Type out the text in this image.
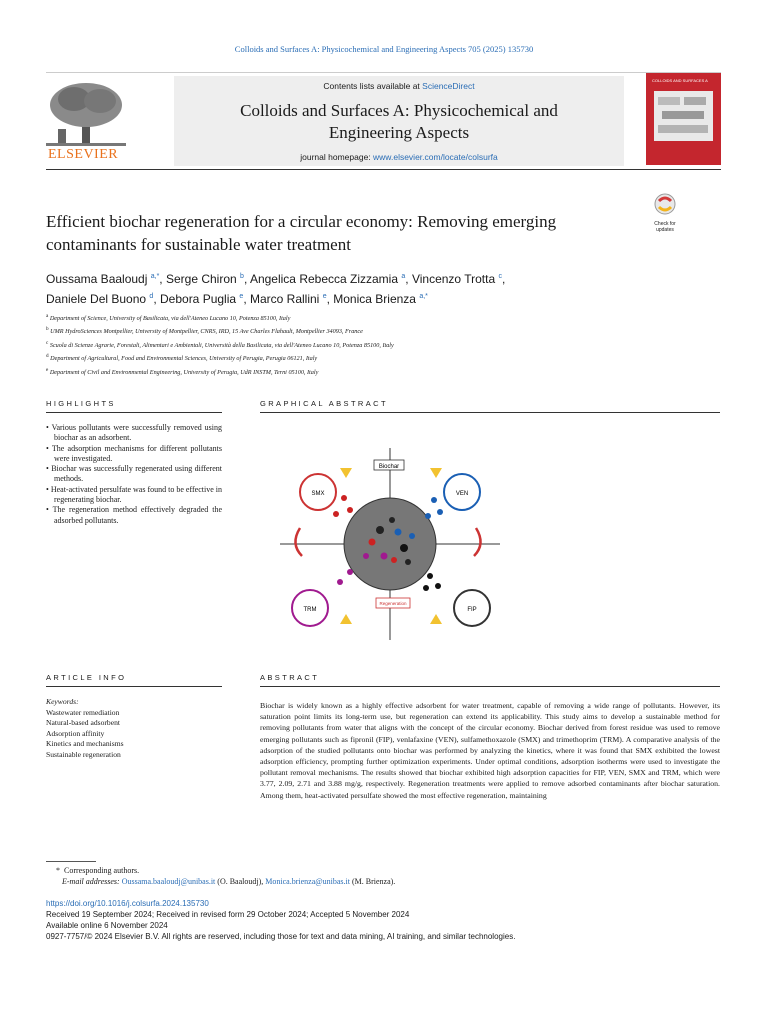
Colloids and Surfaces A: Physicochemical and Engineering Aspects 705 (2025) 135730
ELSEVIER
Contents lists available at ScienceDirect
Colloids and Surfaces A: Physicochemical and
Engineering Aspects
journal homepage: www.elsevier.com/locate/colsurfa
COLLOIDS AND SURFACES A
Efficient biochar regeneration for a circular economy: Removing emerging contaminants for sustainable water treatment
Check for updates
Oussama Baaloudj $^{a,*}$, Serge Chiron $^b$, Angelica Rebecca Zizzamia $^a$, Vincenzo Trotta $^c$,
Daniele Del Buono $^d$, Debora Puglia $^e$, Marco Rallini $^e$, Monica Brienza $^{a,*}$
$^a$ Department of Science, University of Basilicata, via dell'Ateneo Lucano 10, Potenza 85100, Italy
$^b$ UMR HydroSciences Montpellier, University of Montpellier, CNRS, IRD, 15 Ave Charles Flahault, Montpellier 34093, France
$^c$ Scuola di Scienze Agrarie, Forestali, Alimentari e Ambientali, Università della Basilicata, via dell'Ateneo Lucano 10, Potenza 85100, Italy
$^d$ Department of Agricultural, Food and Environmental Sciences, University of Perugia, Perugia 06121, Italy
$^e$ Department of Civil and Environmental Engineering, University of Perugia, UdR INSTM, Terni 05100, Italy
HIGHLIGHTS
• Various pollutants were successfully removed using biochar as an adsorbent.
• The adsorption mechanisms for different pollutants were investigated.
• Biochar was successfully regenerated using different methods.
• Heat-activated persulfate was found to be effective in regenerating biochar.
• The regeneration method effectively degraded the adsorbed pollutants.
GRAPHICAL ABSTRACT
Biochar
Regeneration
SMX	VEN
TRM	FIP
ARTICLE INFO
Keywords:
Wastewater remediation
Natural-based adsorbent
Adsorption affinity
Kinetics and mechanisms
Sustainable regeneration
ABSTRACT
Biochar is widely known as a highly effective adsorbent for water treatment, capable of removing a wide range of pollutants. However, its saturation point limits its long-term use, but regeneration can extend its applicability. This study aims to develop a sustainable method for removing pollutants from water that aligns with the concept of the circular economy. Biochar derived from forest residue was used to remove emerging pollutants such as fipronil (FIP), venlafaxine (VEN), sulfamethoxazole (SMX) and trimethoprim (TRM). A comparative analysis of the adsorption of the studied pollutants onto biochar was performed by analyzing the kinetics, where it was found that SMX exhibited the lowest adsorption efficiency, prompting further optimization experiments. Under optimal conditions, adsorption isotherms were used to investigate the pollutant removal mechanisms. The results showed that biochar exhibited high adsorption capacities for FIP, VEN, SMX and TRM, which were 3.77, 2.09, 2.71 and 3.88 mg/g, respectively. Regeneration treatments were applied to remove adsorbed contaminants after biochar saturation. Among them, heat-activated persulfate showed the most effective regeneration, maintaining
*  Corresponding authors.
E-mail addresses: Oussama.baaloudj@unibas.it (O. Baaloudj), Monica.brienza@unibas.it (M. Brienza).
https://doi.org/10.1016/j.colsurfa.2024.135730
Received 19 September 2024; Received in revised form 29 October 2024; Accepted 5 November 2024
Available online 6 November 2024
0927-7757/© 2024 Elsevier B.V. All rights are reserved, including those for text and data mining, AI training, and similar technologies.
